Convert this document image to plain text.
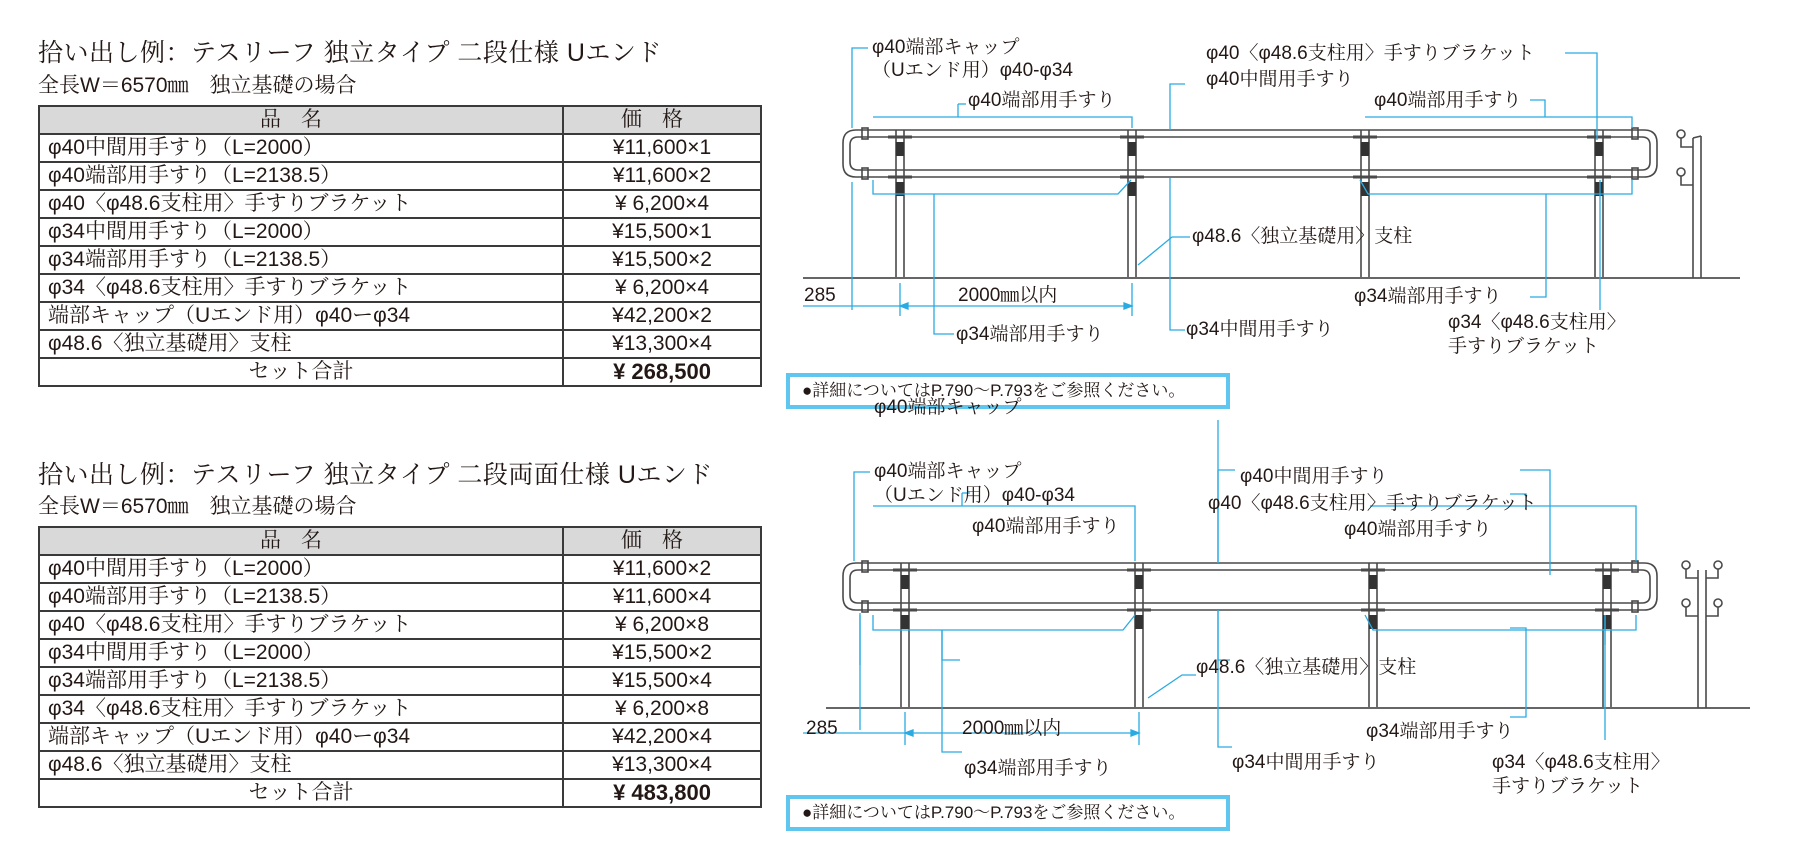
拾い出し例：テスリーフ 独立タイプ 二段仕様 Uエンド
全長W＝6570㎜　独立基礎の場合
品名	価格
φ40中間用手すり（L=2000）	¥11,600×1
φ40端部用手すり（L=2138.5）	¥11,600×2
φ40〈φ48.6支柱用〉手すりブラケット	¥ 6,200×4
φ34中間用手すり（L=2000）	¥15,500×1
φ34端部用手すり（L=2138.5）	¥15,500×2
φ34〈φ48.6支柱用〉手すりブラケット	¥ 6,200×4
端部キャップ（Uエンド用）φ40ーφ34	¥42,200×2
φ48.6〈独立基礎用〉支柱	¥13,300×4
セット合計	¥ 268,500
φ40端部キャップ
（Uエンド用）φ40-φ34
φ40端部用手すり
φ40〈φ48.6支柱用〉手すりブラケット
φ40中間用手すり
φ40端部用手すり
φ48.6〈独立基礎用〉支柱
285	2000㎜以内
φ34端部用手すり	φ34中間用手すり
φ34端部用手すり
φ34〈φ48.6支柱用〉
手すりブラケット
●詳細についてはP.790～P.793をご参照ください。
拾い出し例：テスリーフ 独立タイプ 二段両面仕様 Uエンド
全長W＝6570㎜　独立基礎の場合
品名	価格
φ40中間用手すり（L=2000）	¥11,600×2
φ40端部用手すり（L=2138.5）	¥11,600×4
φ40〈φ48.6支柱用〉手すりブラケット	¥ 6,200×8
φ34中間用手すり（L=2000）	¥15,500×2
φ34端部用手すり（L=2138.5）	¥15,500×4
φ34〈φ48.6支柱用〉手すりブラケット	¥ 6,200×8
端部キャップ（Uエンド用）φ40ーφ34	¥42,200×4
φ48.6〈独立基礎用〉支柱	¥13,300×4
セット合計	¥ 483,800
φ40端部キャップ
φ40端部キャップ
（Uエンド用）φ40-φ34
φ40端部用手すり
φ40中間用手すり
φ40〈φ48.6支柱用〉手すりブラケット
φ40端部用手すり
φ48.6〈独立基礎用〉支柱
285	2000㎜以内
φ34端部用手すり	φ34中間用手すり
φ34端部用手すり
φ34〈φ48.6支柱用〉
手すりブラケット
●詳細についてはP.790～P.793をご参照ください。
